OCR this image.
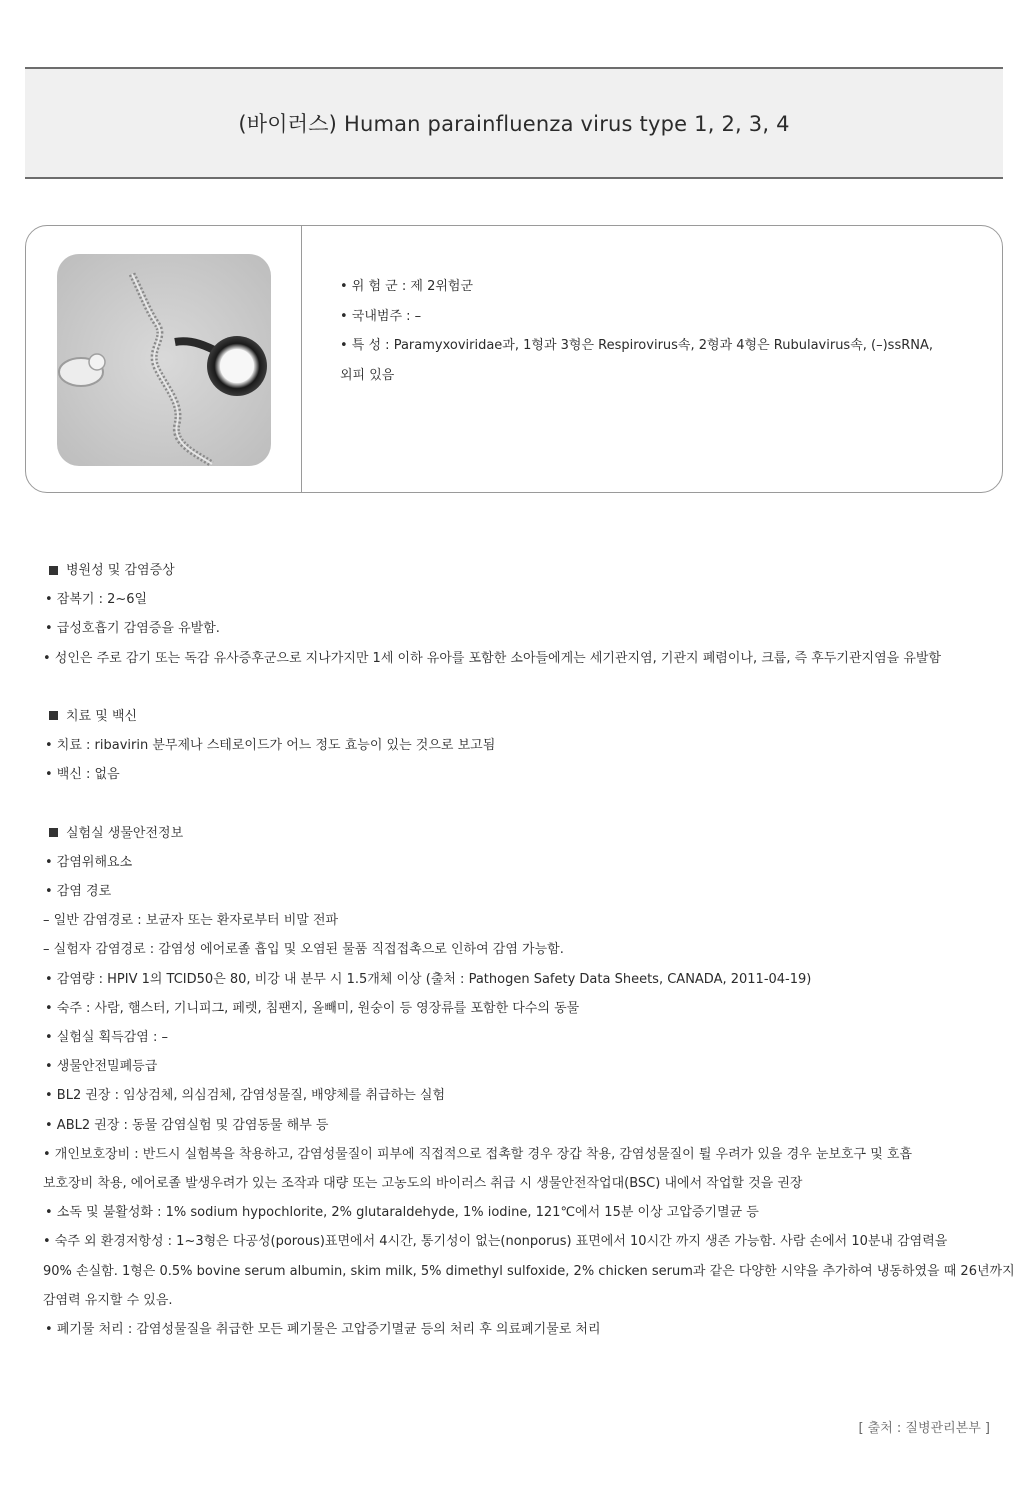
(바이러스) Human parainfluenza virus type 1, 2, 3, 4
• 위 험 군 : 제 2위험군
• 국내범주 : –
• 특 성 : Paramyxoviridae과, 1형과 3형은 Respirovirus속, 2형과 4형은 Rubulavirus속, (–)ssRNA,
외피 있음
병원성 및 감염증상
• 잠복기 : 2~6일
• 급성호흡기 감염증을 유발함.
• 성인은 주로 감기 또는 독감 유사증후군으로 지나가지만 1세 이하 유아를 포함한 소아들에게는 세기관지염, 기관지 폐렴이나, 크룹, 즉 후두기관지염을 유발함
치료 및 백신
• 치료 : ribavirin 분무제나 스테로이드가 어느 정도 효능이 있는 것으로 보고됨
• 백신 : 없음
실험실 생물안전정보
• 감염위해요소
• 감염 경로
– 일반 감염경로 : 보균자 또는 환자로부터 비말 전파
– 실험자 감염경로 : 감염성 에어로졸 흡입 및 오염된 물품 직접접촉으로 인하여 감염 가능함.
• 감염량 : HPIV 1의 TCID50은 80, 비강 내 분무 시 1.5개체 이상 (출처 : Pathogen Safety Data Sheets, CANADA, 2011-04-19)
• 숙주 : 사람, 햄스터, 기니피그, 페렛, 침팬지, 올빼미, 원숭이 등 영장류를 포함한 다수의 동물
• 실험실 획득감염 : –
• 생물안전밀폐등급
• BL2 권장 : 임상검체, 의심검체, 감염성물질, 배양체를 취급하는 실험
• ABL2 권장 : 동물 감염실험 및 감염동물 해부 등
• 개인보호장비 : 반드시 실험복을 착용하고, 감염성물질이 피부에 직접적으로 접촉할 경우 장갑 착용, 감염성물질이 튈 우려가 있을 경우 눈보호구 및 호흡
보호장비 착용, 에어로졸 발생우려가 있는 조작과 대량 또는 고농도의 바이러스 취급 시 생물안전작업대(BSC) 내에서 작업할 것을 권장
• 소독 및 불활성화 : 1% sodium hypochlorite, 2% glutaraldehyde, 1% iodine, 121℃에서 15분 이상 고압증기멸균 등
• 숙주 외 환경저항성 : 1~3형은 다공성(porous)표면에서 4시간, 통기성이 없는(nonporus) 표면에서 10시간 까지 생존 가능함. 사람 손에서 10분내 감염력을
90% 손실함. 1형은 0.5% bovine serum albumin, skim milk, 5% dimethyl sulfoxide, 2% chicken serum과 같은 다양한 시약을 추가하여 냉동하였을 때 26년까지
감염력 유지할 수 있음.
• 폐기물 처리 : 감염성물질을 취급한 모든 폐기물은 고압증기멸균 등의 처리 후 의료폐기물로 처리
[ 출처 : 질병관리본부 ]
